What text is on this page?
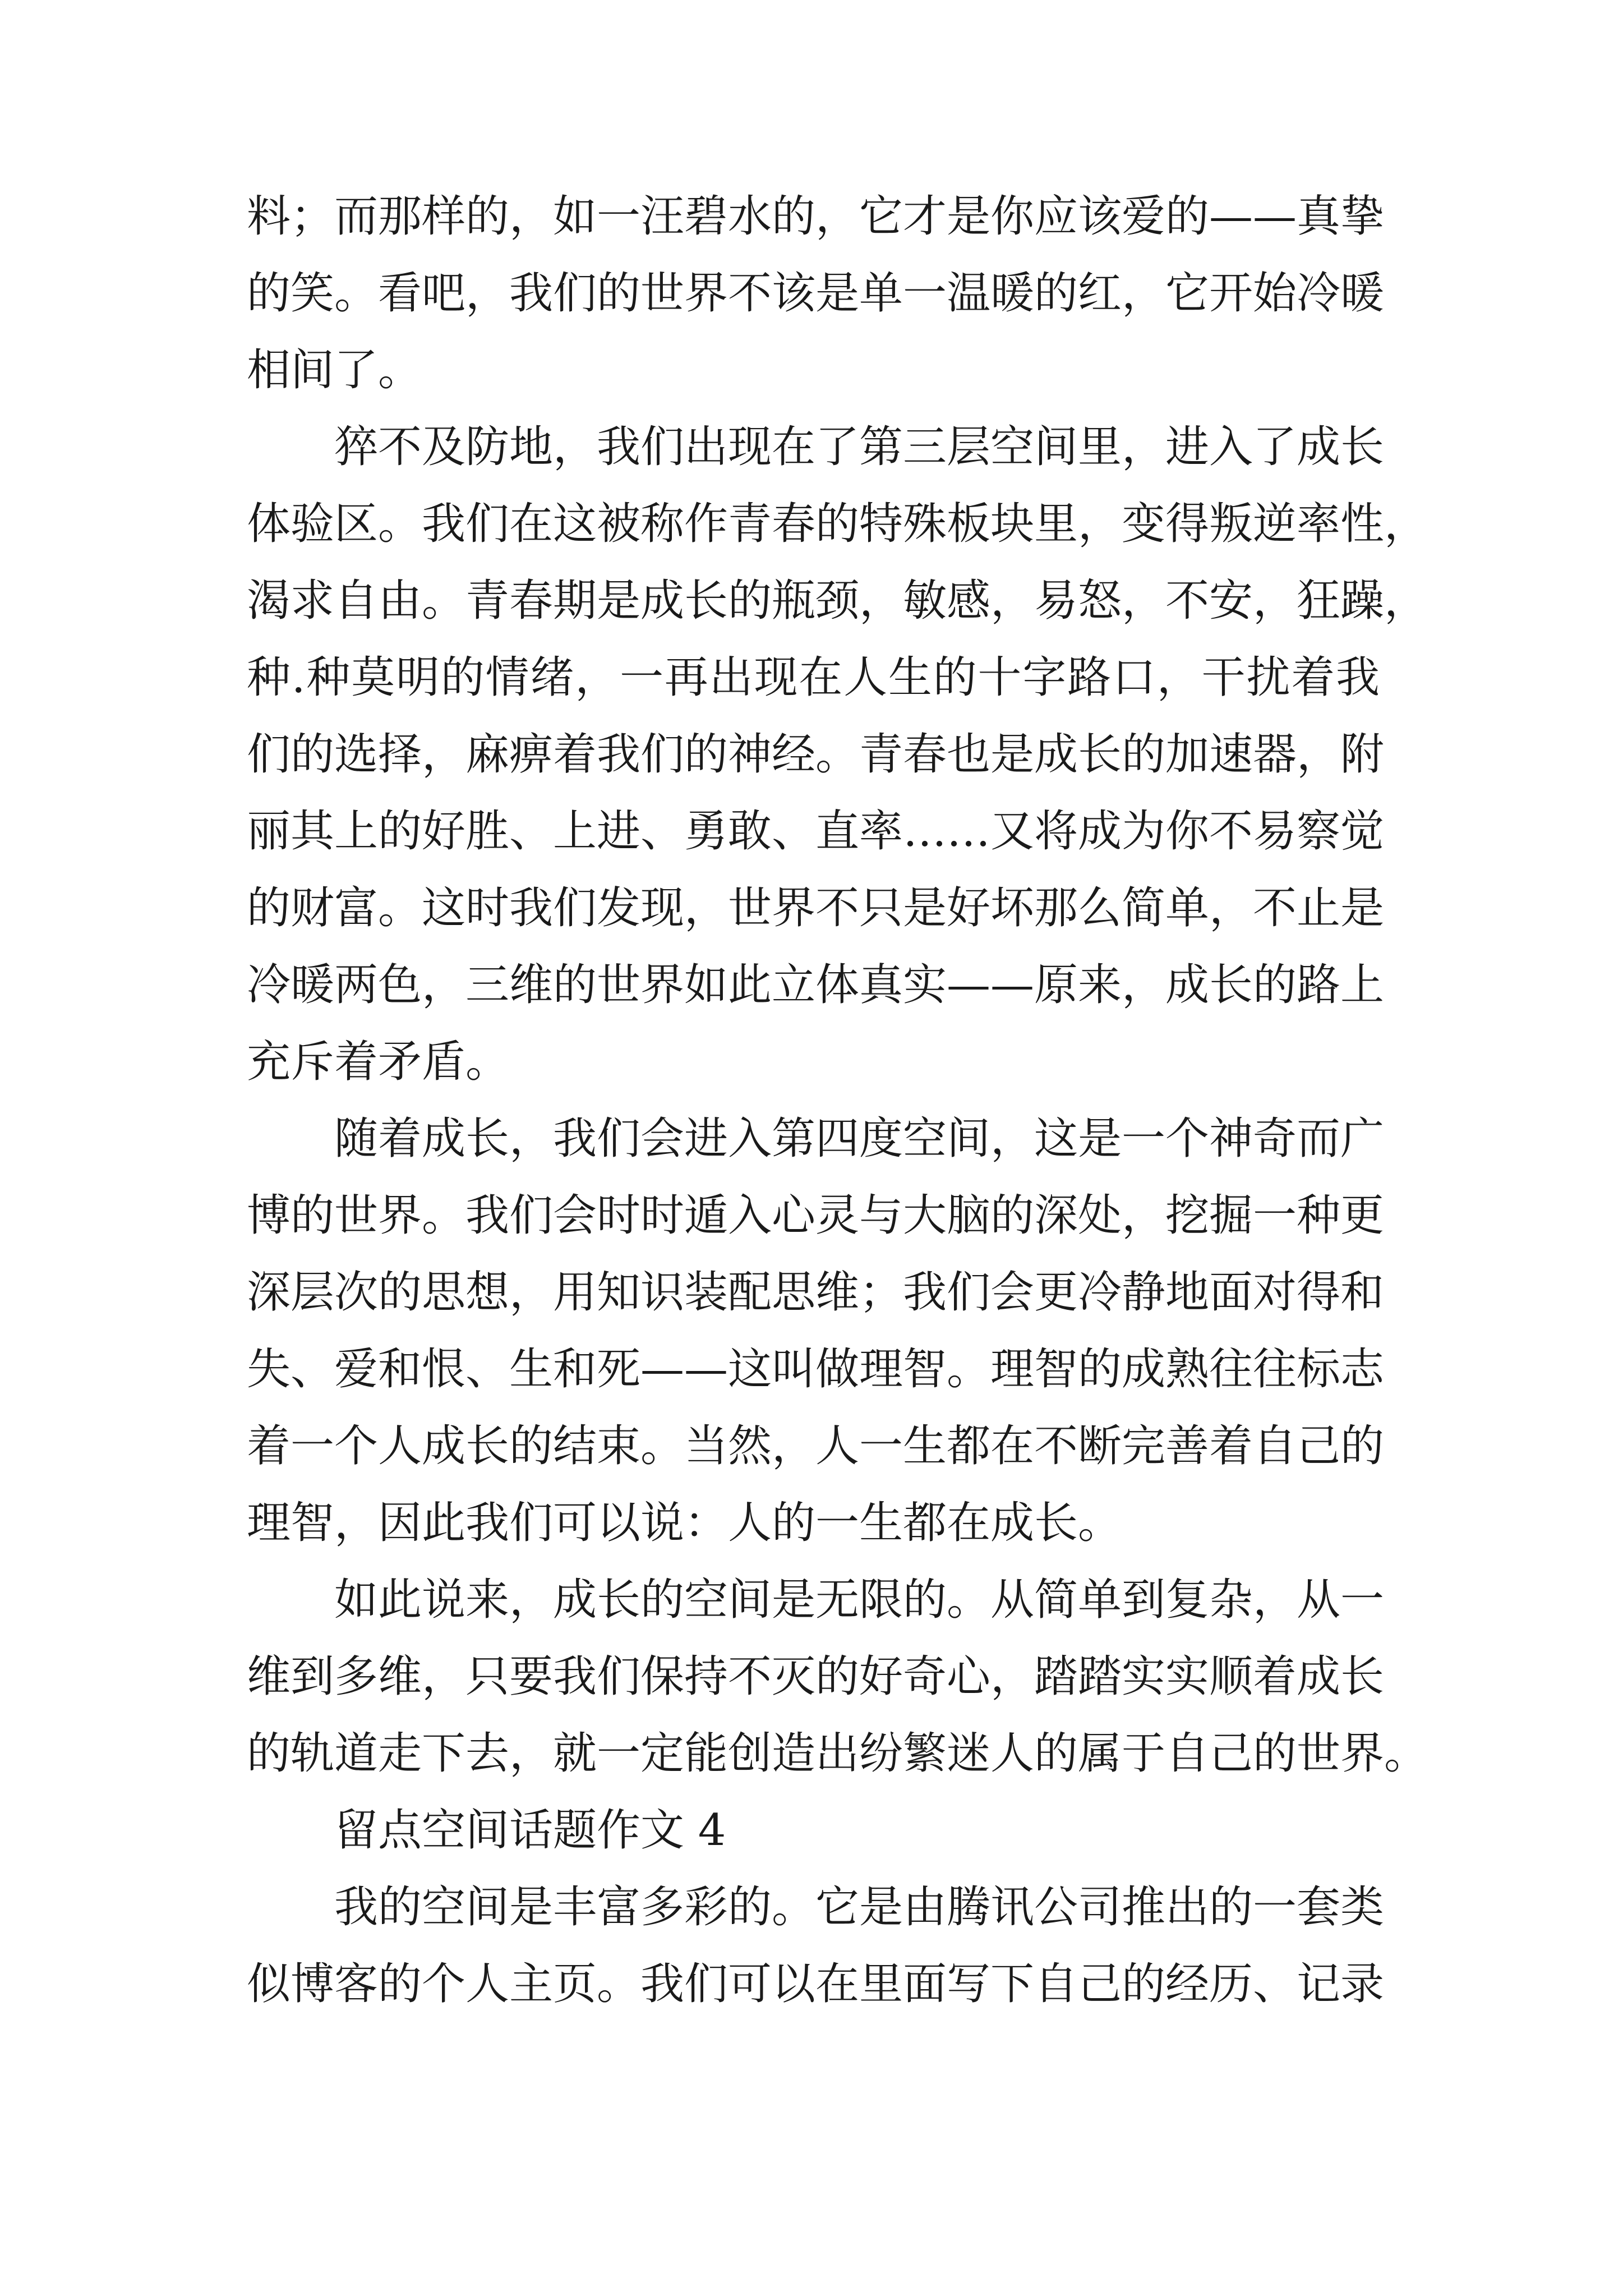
料；而那样的，如一汪碧水的，它才是你应该爱的——真挚
的笑。看吧，我们的世界不该是单一温暖的红，它开始冷暖
相间了。
猝不及防地，我们出现在了第三层空间里，进入了成长
体验区。我们在这被称作青春的特殊板块里，变得叛逆率性，
渴求自由。青春期是成长的瓶颈，敏感，易怒，不安，狂躁，
种.种莫明的情绪，一再出现在人生的十字路口，干扰着我
们的选择，麻痹着我们的神经。青春也是成长的加速器，附
丽其上的好胜、上进、勇敢、直率……又将成为你不易察觉
的财富。这时我们发现，世界不只是好坏那么简单，不止是
冷暖两色，三维的世界如此立体真实——原来，成长的路上
充斥着矛盾。
随着成长，我们会进入第四度空间，这是一个神奇而广
博的世界。我们会时时遁入心灵与大脑的深处，挖掘一种更
深层次的思想，用知识装配思维；我们会更冷静地面对得和
失、爱和恨、生和死——这叫做理智。理智的成熟往往标志
着一个人成长的结束。当然，人一生都在不断完善着自己的
理智，因此我们可以说：人的一生都在成长。
如此说来，成长的空间是无限的。从简单到复杂，从一
维到多维，只要我们保持不灭的好奇心，踏踏实实顺着成长
的轨道走下去，就一定能创造出纷繁迷人的属于自己的世界。
留点空间话题作文 4
我的空间是丰富多彩的。它是由腾讯公司推出的一套类
似博客的个人主页。我们可以在里面写下自己的经历、记录
